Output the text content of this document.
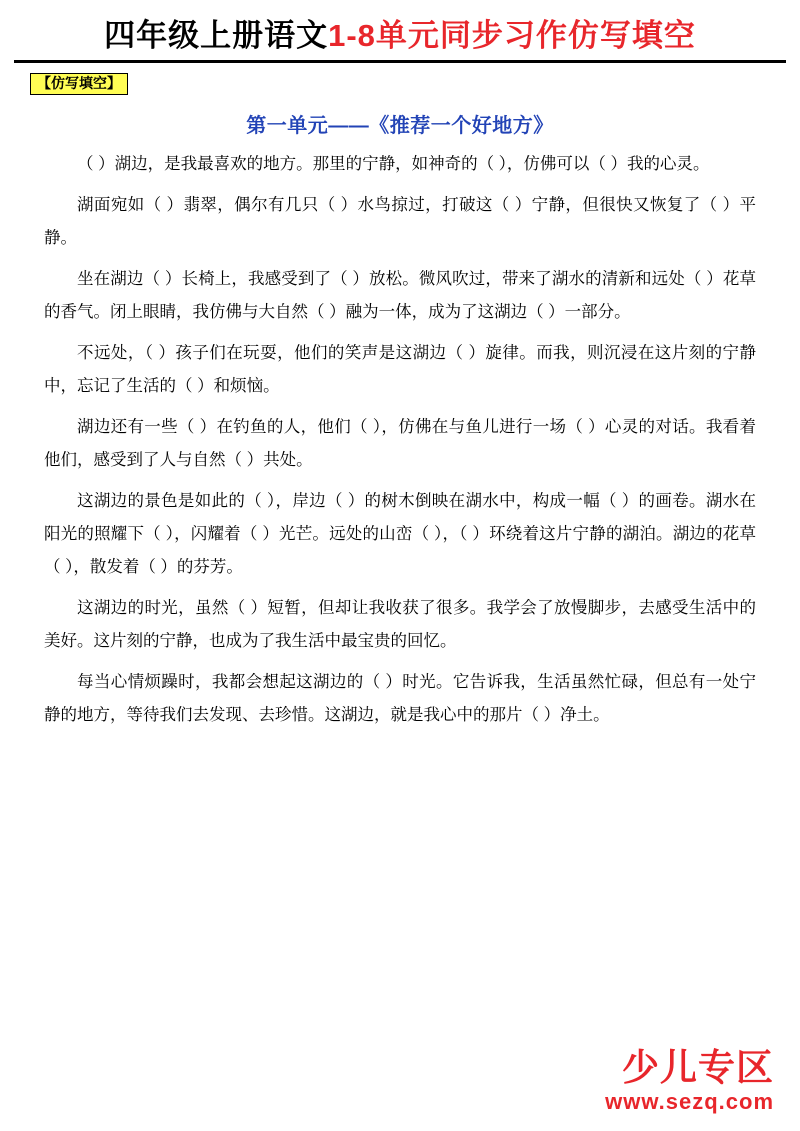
四年级上册语文1-8单元同步习作仿写填空
【仿写填空】
第一单元——《推荐一个好地方》

（ ）湖边，是我最喜欢的地方。那里的宁静，如神奇的（ ），仿佛可以（ ）我的心灵。

湖面宛如（ ）翡翠，偶尔有几只（ ）水鸟掠过，打破这（ ）宁静，但很快又恢复了（ ）平静。

坐在湖边（ ）长椅上，我感受到了（ ）放松。微风吹过，带来了湖水的清新和远处（ ）花草的香气。闭上眼睛，我仿佛与大自然（ ）融为一体，成为了这湖边（ ）一部分。

不远处，（ ）孩子们在玩耍，他们的笑声是这湖边（ ）旋律。而我，则沉浸在这片刻的宁静中，忘记了生活的（ ）和烦恼。

湖边还有一些（ ）在钓鱼的人，他们（ ），仿佛在与鱼儿进行一场（ ）心灵的对话。我看着他们，感受到了人与自然（ ）共处。

这湖边的景色是如此的（ ），岸边（ ）的树木倒映在湖水中，构成一幅（ ）的画卷。湖水在阳光的照耀下（ ），闪耀着（ ）光芒。远处的山峦（ ），（ ）环绕着这片宁静的湖泊。湖边的花草（ ），散发着（ ）的芬芳。

这湖边的时光，虽然（ ）短暂，但却让我收获了很多。我学会了放慢脚步，去感受生活中的美好。这片刻的宁静，也成为了我生活中最宝贵的回忆。

每当心情烦躁时，我都会想起这湖边的（ ）时光。它告诉我，生活虽然忙碌，但总有一处宁静的地方，等待我们去发现、去珍惜。这湖边，就是我心中的那片（ ）净土。

少儿专区
www.sezq.com
